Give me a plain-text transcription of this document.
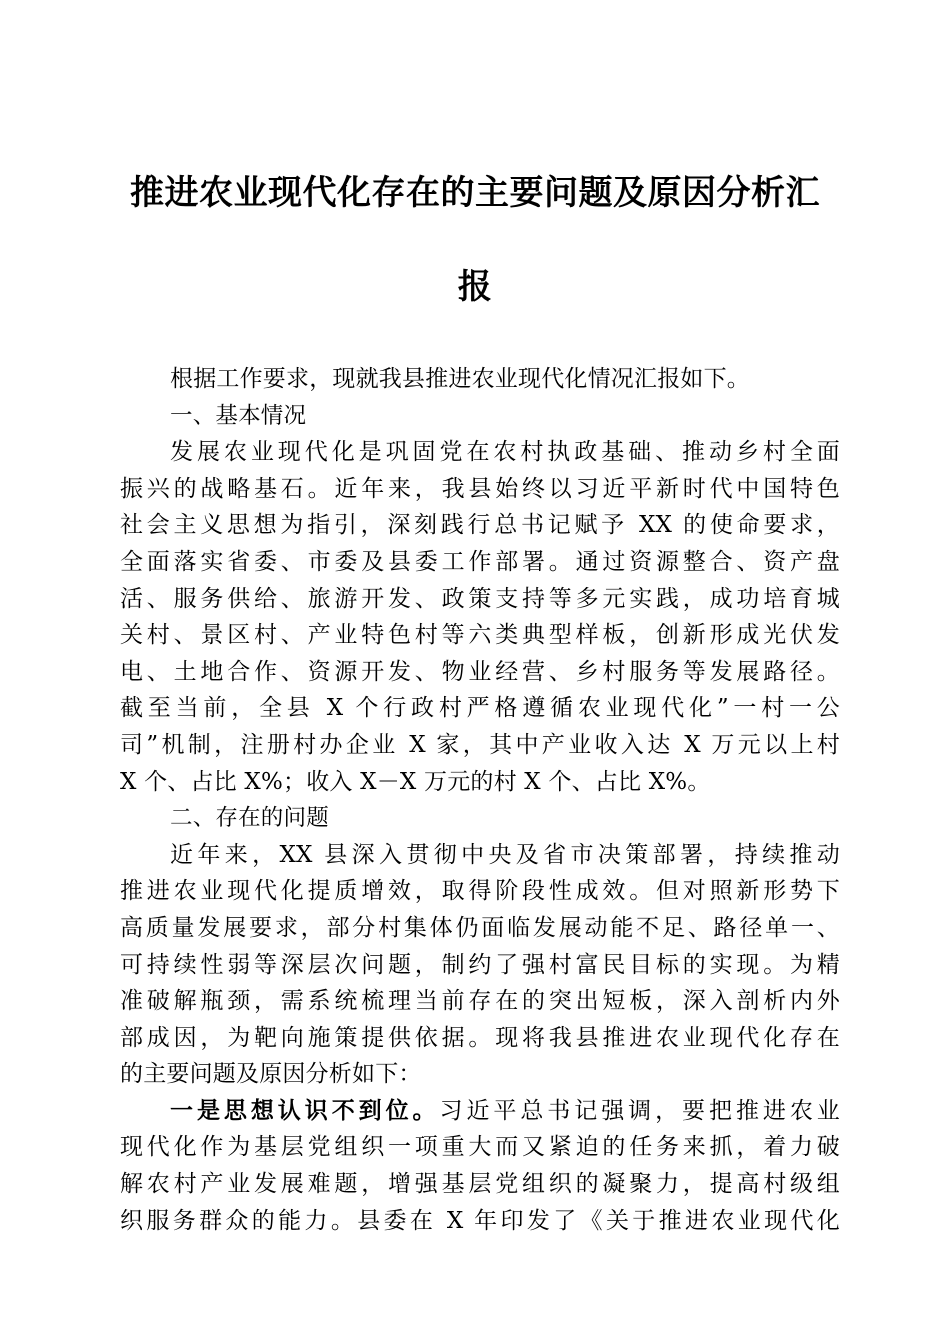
推进农业现代化存在的主要问题及原因分析汇
报
根据工作要求，现就我县推进农业现代化情况汇报如下。
一、基本情况
发展农业现代化是巩固党在农村执政基础、推动乡村全面
振兴的战略基石。近年来，我县始终以习近平新时代中国特色
社会主义思想为指引，深刻践行总书记赋予 XX 的使命要求，
全面落实省委、市委及县委工作部署。通过资源整合、资产盘
活、服务供给、旅游开发、政策支持等多元实践，成功培育城
关村、景区村、产业特色村等六类典型样板，创新形成光伏发
电、土地合作、资源开发、物业经营、乡村服务等发展路径。
截至当前，全县 X 个行政村严格遵循农业现代化”一村一公
司”机制，注册村办企业 X 家，其中产业收入达 X 万元以上村
X 个、占比 X%；收入 X－X 万元的村 X 个、占比 X%。
二、存在的问题
近年来，XX 县深入贯彻中央及省市决策部署，持续推动
推进农业现代化提质增效，取得阶段性成效。但对照新形势下
高质量发展要求，部分村集体仍面临发展动能不足、路径单一、
可持续性弱等深层次问题，制约了强村富民目标的实现。为精
准破解瓶颈，需系统梳理当前存在的突出短板，深入剖析内外
部成因，为靶向施策提供依据。现将我县推进农业现代化存在
的主要问题及原因分析如下：
一是思想认识不到位。习近平总书记强调，要把推进农业
现代化作为基层党组织一项重大而又紧迫的任务来抓，着力破
解农村产业发展难题，增强基层党组织的凝聚力，提高村级组
织服务群众的能力。县委在 X 年印发了《关于推进农业现代化
